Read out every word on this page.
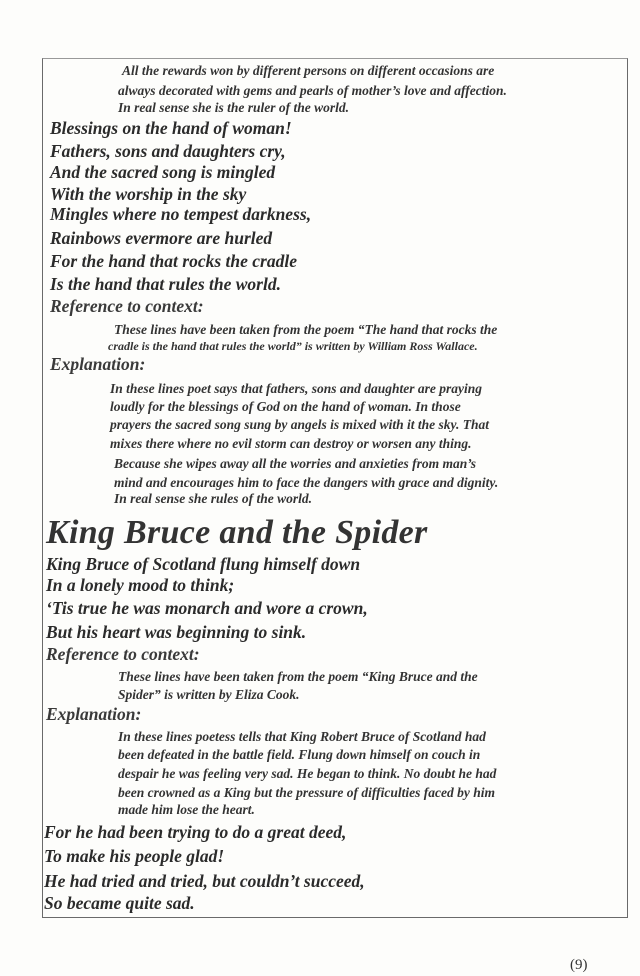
All the rewards won by different persons on different occasions are
always decorated with gems and pearls of mother’s love and affection.
In real sense she is the ruler of the world.
Blessings on the hand of woman!
Fathers, sons and daughters cry,
And the sacred song is mingled
With the worship in the sky
Mingles where no tempest darkness,
Rainbows evermore are hurled
For the hand that rocks the cradle
Is the hand that rules the world.
Reference to context:
These lines have been taken from the poem “The hand that rocks the
cradle is the hand that rules the world” is written by William Ross Wallace.
Explanation:
In these lines poet says that fathers, sons and daughter are praying
loudly for the blessings of God on the hand of woman. In those
prayers the sacred song sung by angels is mixed with it the sky. That
mixes there where no evil storm can destroy or worsen any thing.
Because she wipes away all the worries and anxieties from man’s
mind and encourages him to face the dangers with grace and dignity.
In real sense she rules of the world.
King Bruce and the Spider
King Bruce of Scotland flung himself down
In a lonely mood to think;
‘Tis true he was monarch and wore a crown,
But his heart was beginning to sink.
Reference to context:
These lines have been taken from the poem “King Bruce and the
Spider” is written by Eliza Cook.
Explanation:
In these lines poetess tells that King Robert Bruce of Scotland had
been defeated in the battle field. Flung down himself on couch in
despair he was feeling very sad. He began to think. No doubt he had
been crowned as a King but the pressure of difficulties faced by him
made him lose the heart.
For he had been trying to do a great deed,
To make his people glad!
He had tried and tried, but couldn’t succeed,
So became quite sad.
(9)
